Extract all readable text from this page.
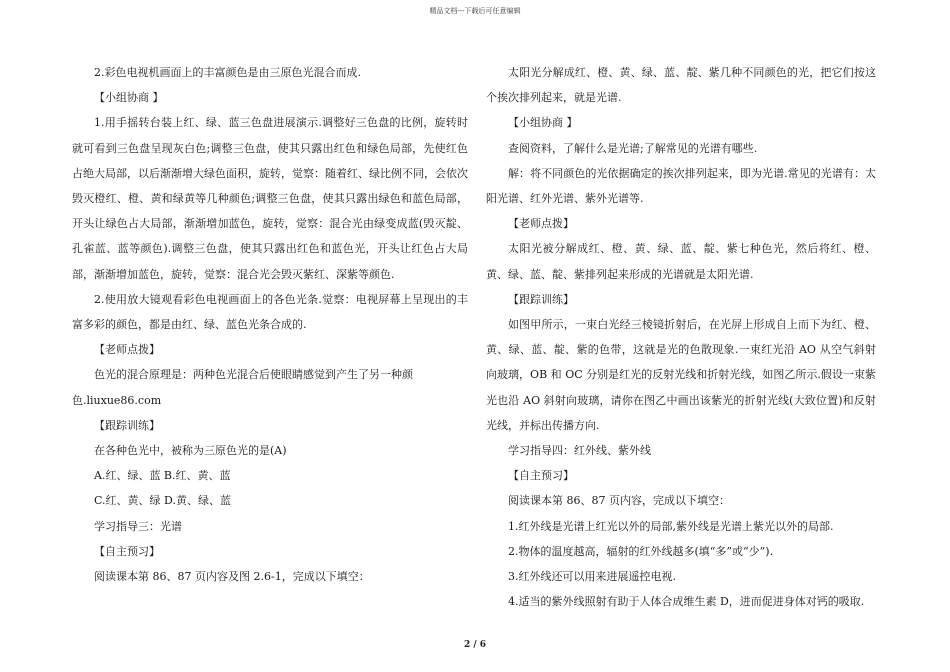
精品文档---下载后可任意编辑

2.彩色电视机画面上的丰富颜色是由三原色光混合而成.

【小组协商 】

1.用手摇转台装上红、绿、蓝三色盘进展演示.调整好三色盘的比例，旋转时就可看到三色盘呈现灰白色;调整三色盘，使其只露出红色和绿色局部，先使红色占绝大局部，以后渐渐增大绿色面积，旋转，觉察：随着红、绿比例不同，会依次毁灭橙红、橙、黄和绿黄等几种颜色;调整三色盘，使其只露出绿色和蓝色局部，开头让绿色占大局部，渐渐增加蓝色，旋转，觉察：混合光由绿变成蓝(毁灭靛、孔雀蓝、蓝等颜色).调整三色盘，使其只露出红色和蓝色光，开头让红色占大局部，渐渐增加蓝色，旋转，觉察：混合光会毁灭紫红、深紫等颜色.

2.使用放大镜观看彩色电视画面上的各色光条.觉察：电视屏幕上呈现出的丰富多彩的颜色，都是由红、绿、蓝色光条合成的.

【老师点拨】

色光的混合原理是：两种色光混合后使眼睛感觉到产生了另一种颜

色.liuxue86.com

【跟踪训练】

在各种色光中，被称为三原色光的是(A)

A.红、绿、蓝 B.红、黄、蓝

C.红、黄、绿 D.黄、绿、蓝

学习指导三：光谱

【自主预习】

阅读课本第 86、87 页内容及图 2.6-1，完成以下填空：

太阳光分解成红、橙、黄、绿、蓝、靛、紫几种不同颜色的光，把它们按这个挨次排列起来，就是光谱.

【小组协商 】

查阅资料，了解什么是光谱;了解常见的光谱有哪些.

解：将不同颜色的光依据确定的挨次排列起来，即为光谱.常见的光谱有：太阳光谱、红外光谱、紫外光谱等.

【老师点拨】

太阳光被分解成红、橙、黄、绿、蓝、靛、紫七种色光，然后将红、橙、黄、绿、蓝、靛、紫排列起来形成的光谱就是太阳光谱.

【跟踪训练】

如图甲所示，一束白光经三棱镜折射后，在光屏上形成自上而下为红、橙、黄、绿、蓝、靛、紫的色带，这就是光的色散现象.一束红光沿 AO 从空气斜射向玻璃，OB 和 OC 分别是红光的反射光线和折射光线，如图乙所示.假设一束紫光也沿 AO 斜射向玻璃，请你在图乙中画出该紫光的折射光线(大致位置)和反射光线，并标出传播方向.

学习指导四：红外线、紫外线

【自主预习】

阅读课本第 86、87 页内容，完成以下填空：

1.红外线是光谱上红光以外的局部,紫外线是光谱上紫光以外的局部.

2.物体的温度越高，辐射的红外线越多(填“多”或“少”).

3.红外线还可以用来进展遥控电视.

4.适当的紫外线照射有助于人体合成维生素 D，进而促进身体对钙的吸取.

2 / 6
